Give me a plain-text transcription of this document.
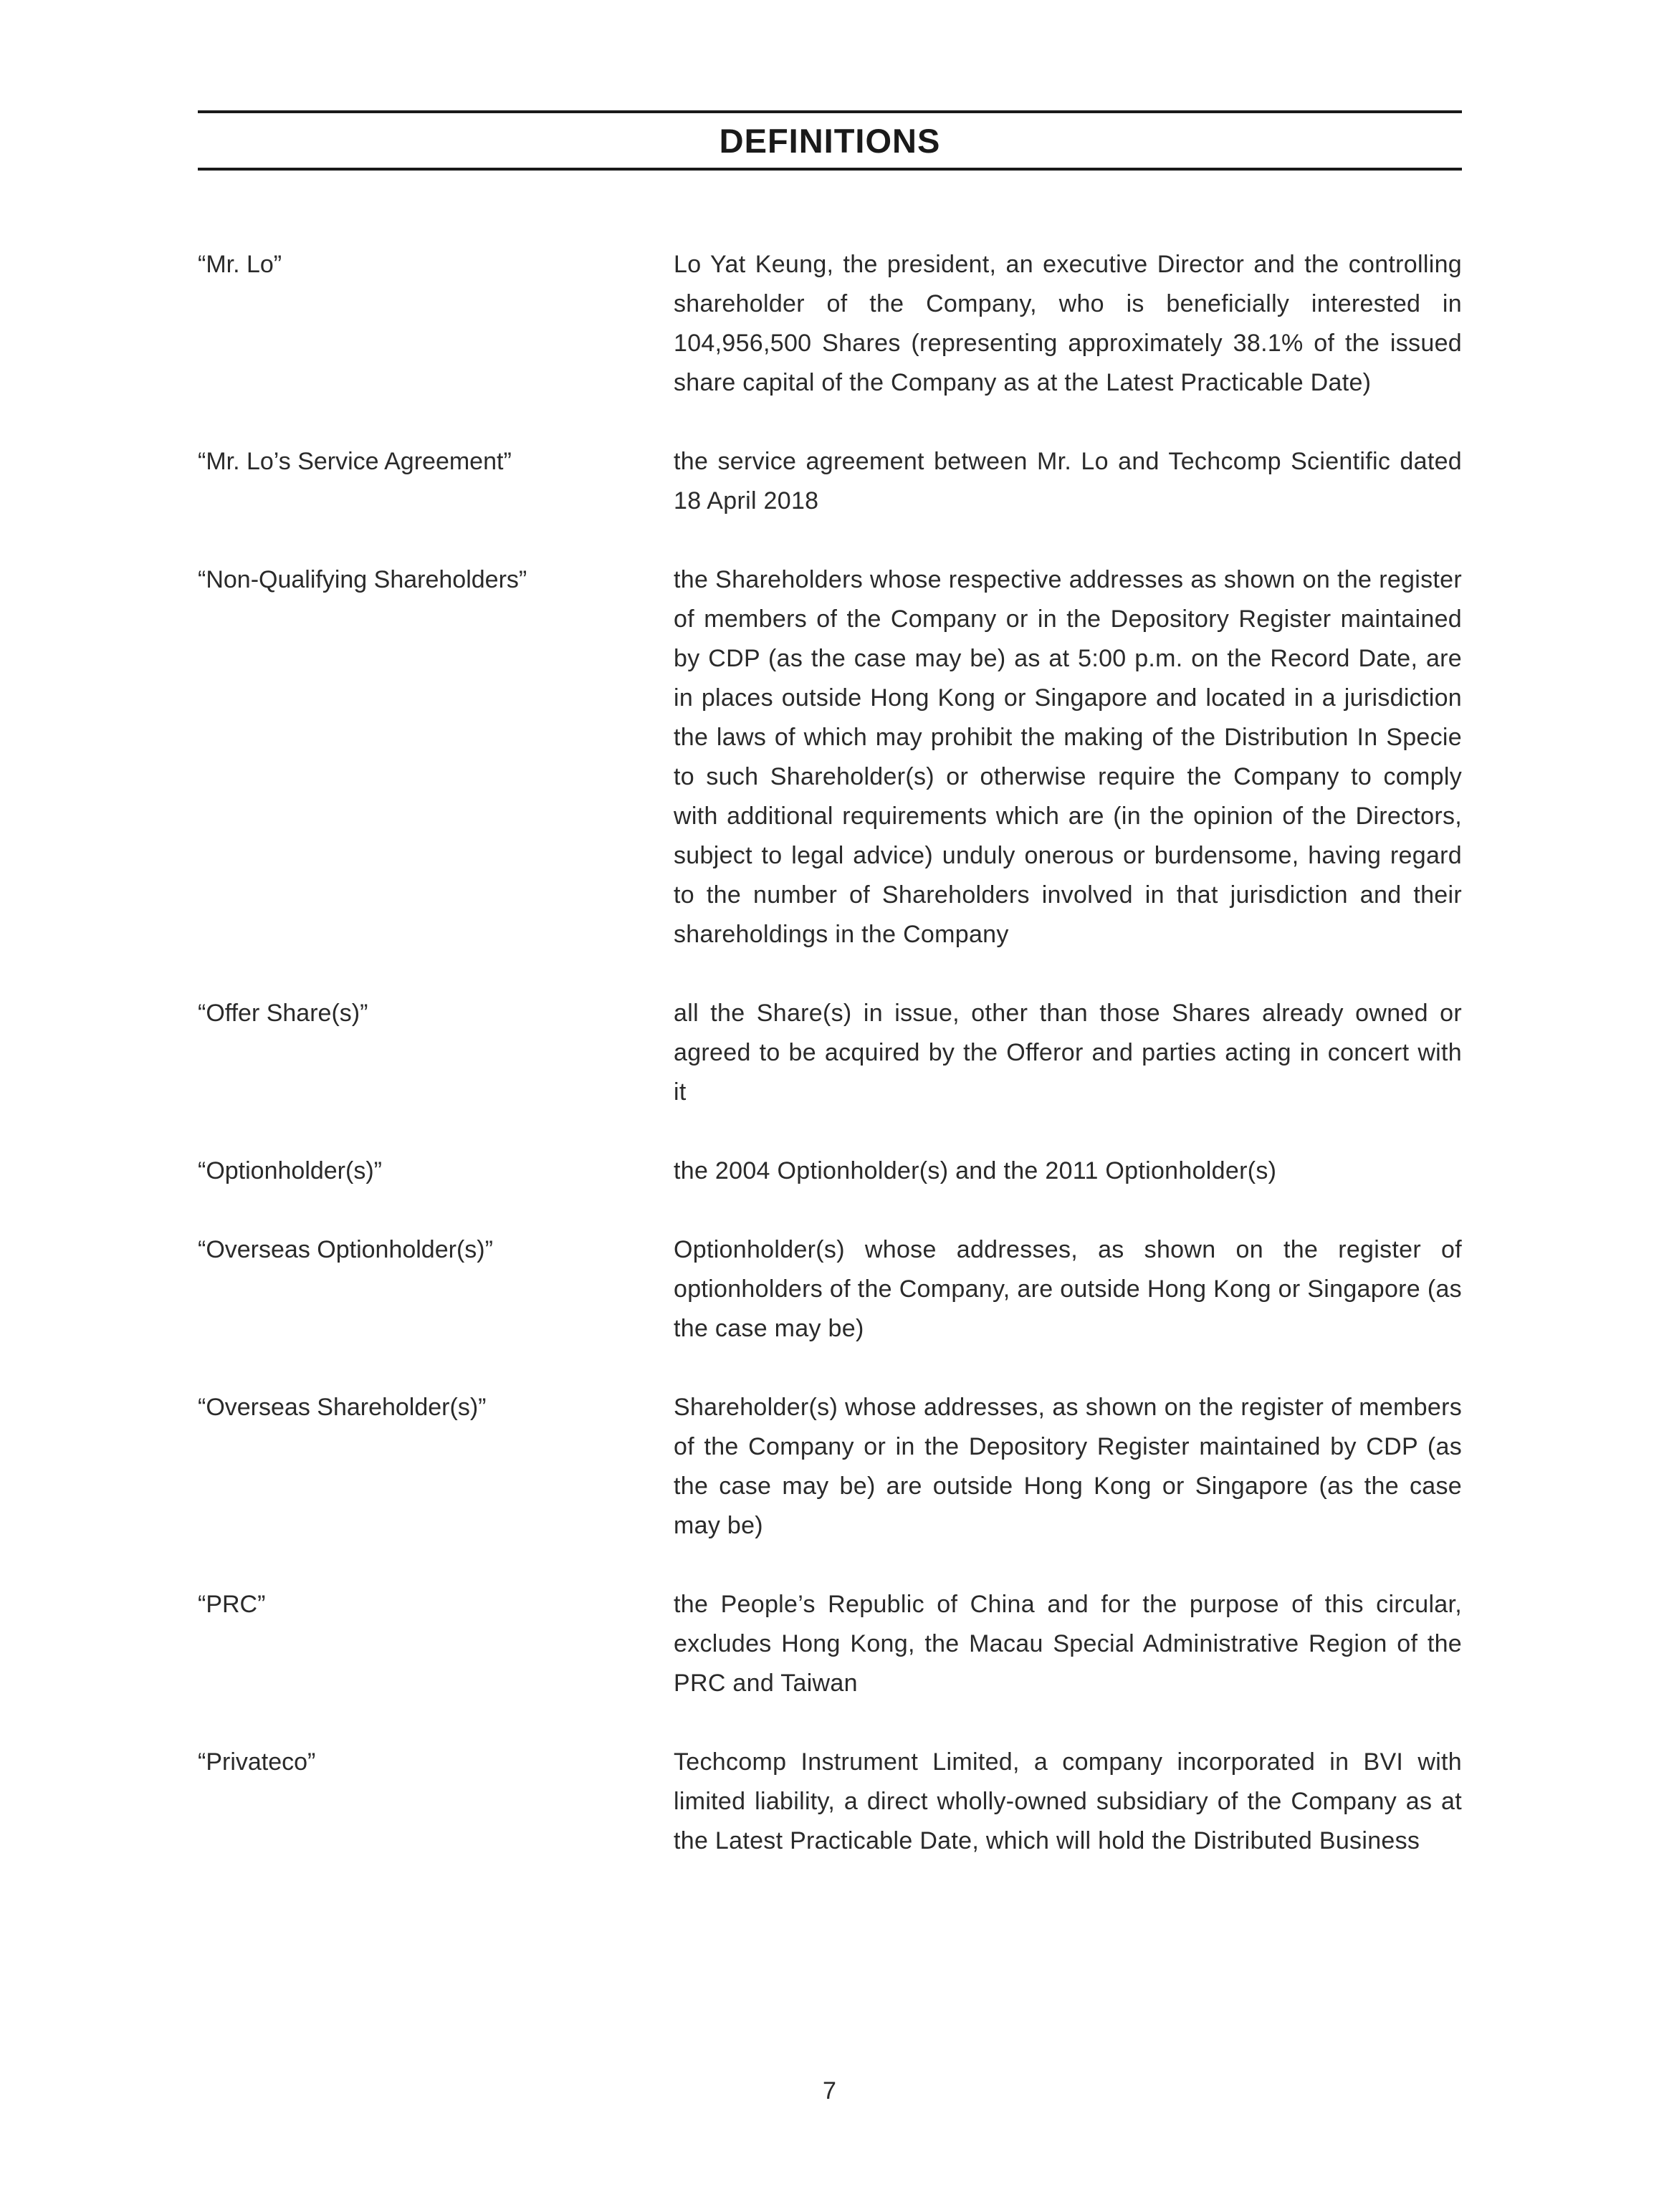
DEFINITIONS
“Mr. Lo”	Lo Yat Keung, the president, an executive Director and the controlling shareholder of the Company, who is beneficially interested in 104,956,500 Shares (representing approximately 38.1% of the issued share capital of the Company as at the Latest Practicable Date)
“Mr. Lo’s Service Agreement”	the service agreement between Mr. Lo and Techcomp Scientific dated 18 April 2018
“Non-Qualifying Shareholders”	the Shareholders whose respective addresses as shown on the register of members of the Company or in the Depository Register maintained by CDP (as the case may be) as at 5:00 p.m. on the Record Date, are in places outside Hong Kong or Singapore and located in a jurisdiction the laws of which may prohibit the making of the Distribution In Specie to such Shareholder(s) or otherwise require the Company to comply with additional requirements which are (in the opinion of the Directors, subject to legal advice) unduly onerous or burdensome, having regard to the number of Shareholders involved in that jurisdiction and their shareholdings in the Company
“Offer Share(s)”	all the Share(s) in issue, other than those Shares already owned or agreed to be acquired by the Offeror and parties acting in concert with it
“Optionholder(s)”	the 2004 Optionholder(s) and the 2011 Optionholder(s)
“Overseas Optionholder(s)”	Optionholder(s) whose addresses, as shown on the register of optionholders of the Company, are outside Hong Kong or Singapore (as the case may be)
“Overseas Shareholder(s)”	Shareholder(s) whose addresses, as shown on the register of members of the Company or in the Depository Register maintained by CDP (as the case may be) are outside Hong Kong or Singapore (as the case may be)
“PRC”	the People’s Republic of China and for the purpose of this circular, excludes Hong Kong, the Macau Special Administrative Region of the PRC and Taiwan
“Privateco”	Techcomp Instrument Limited, a company incorporated in BVI with limited liability, a direct wholly-owned subsidiary of the Company as at the Latest Practicable Date, which will hold the Distributed Business
7
